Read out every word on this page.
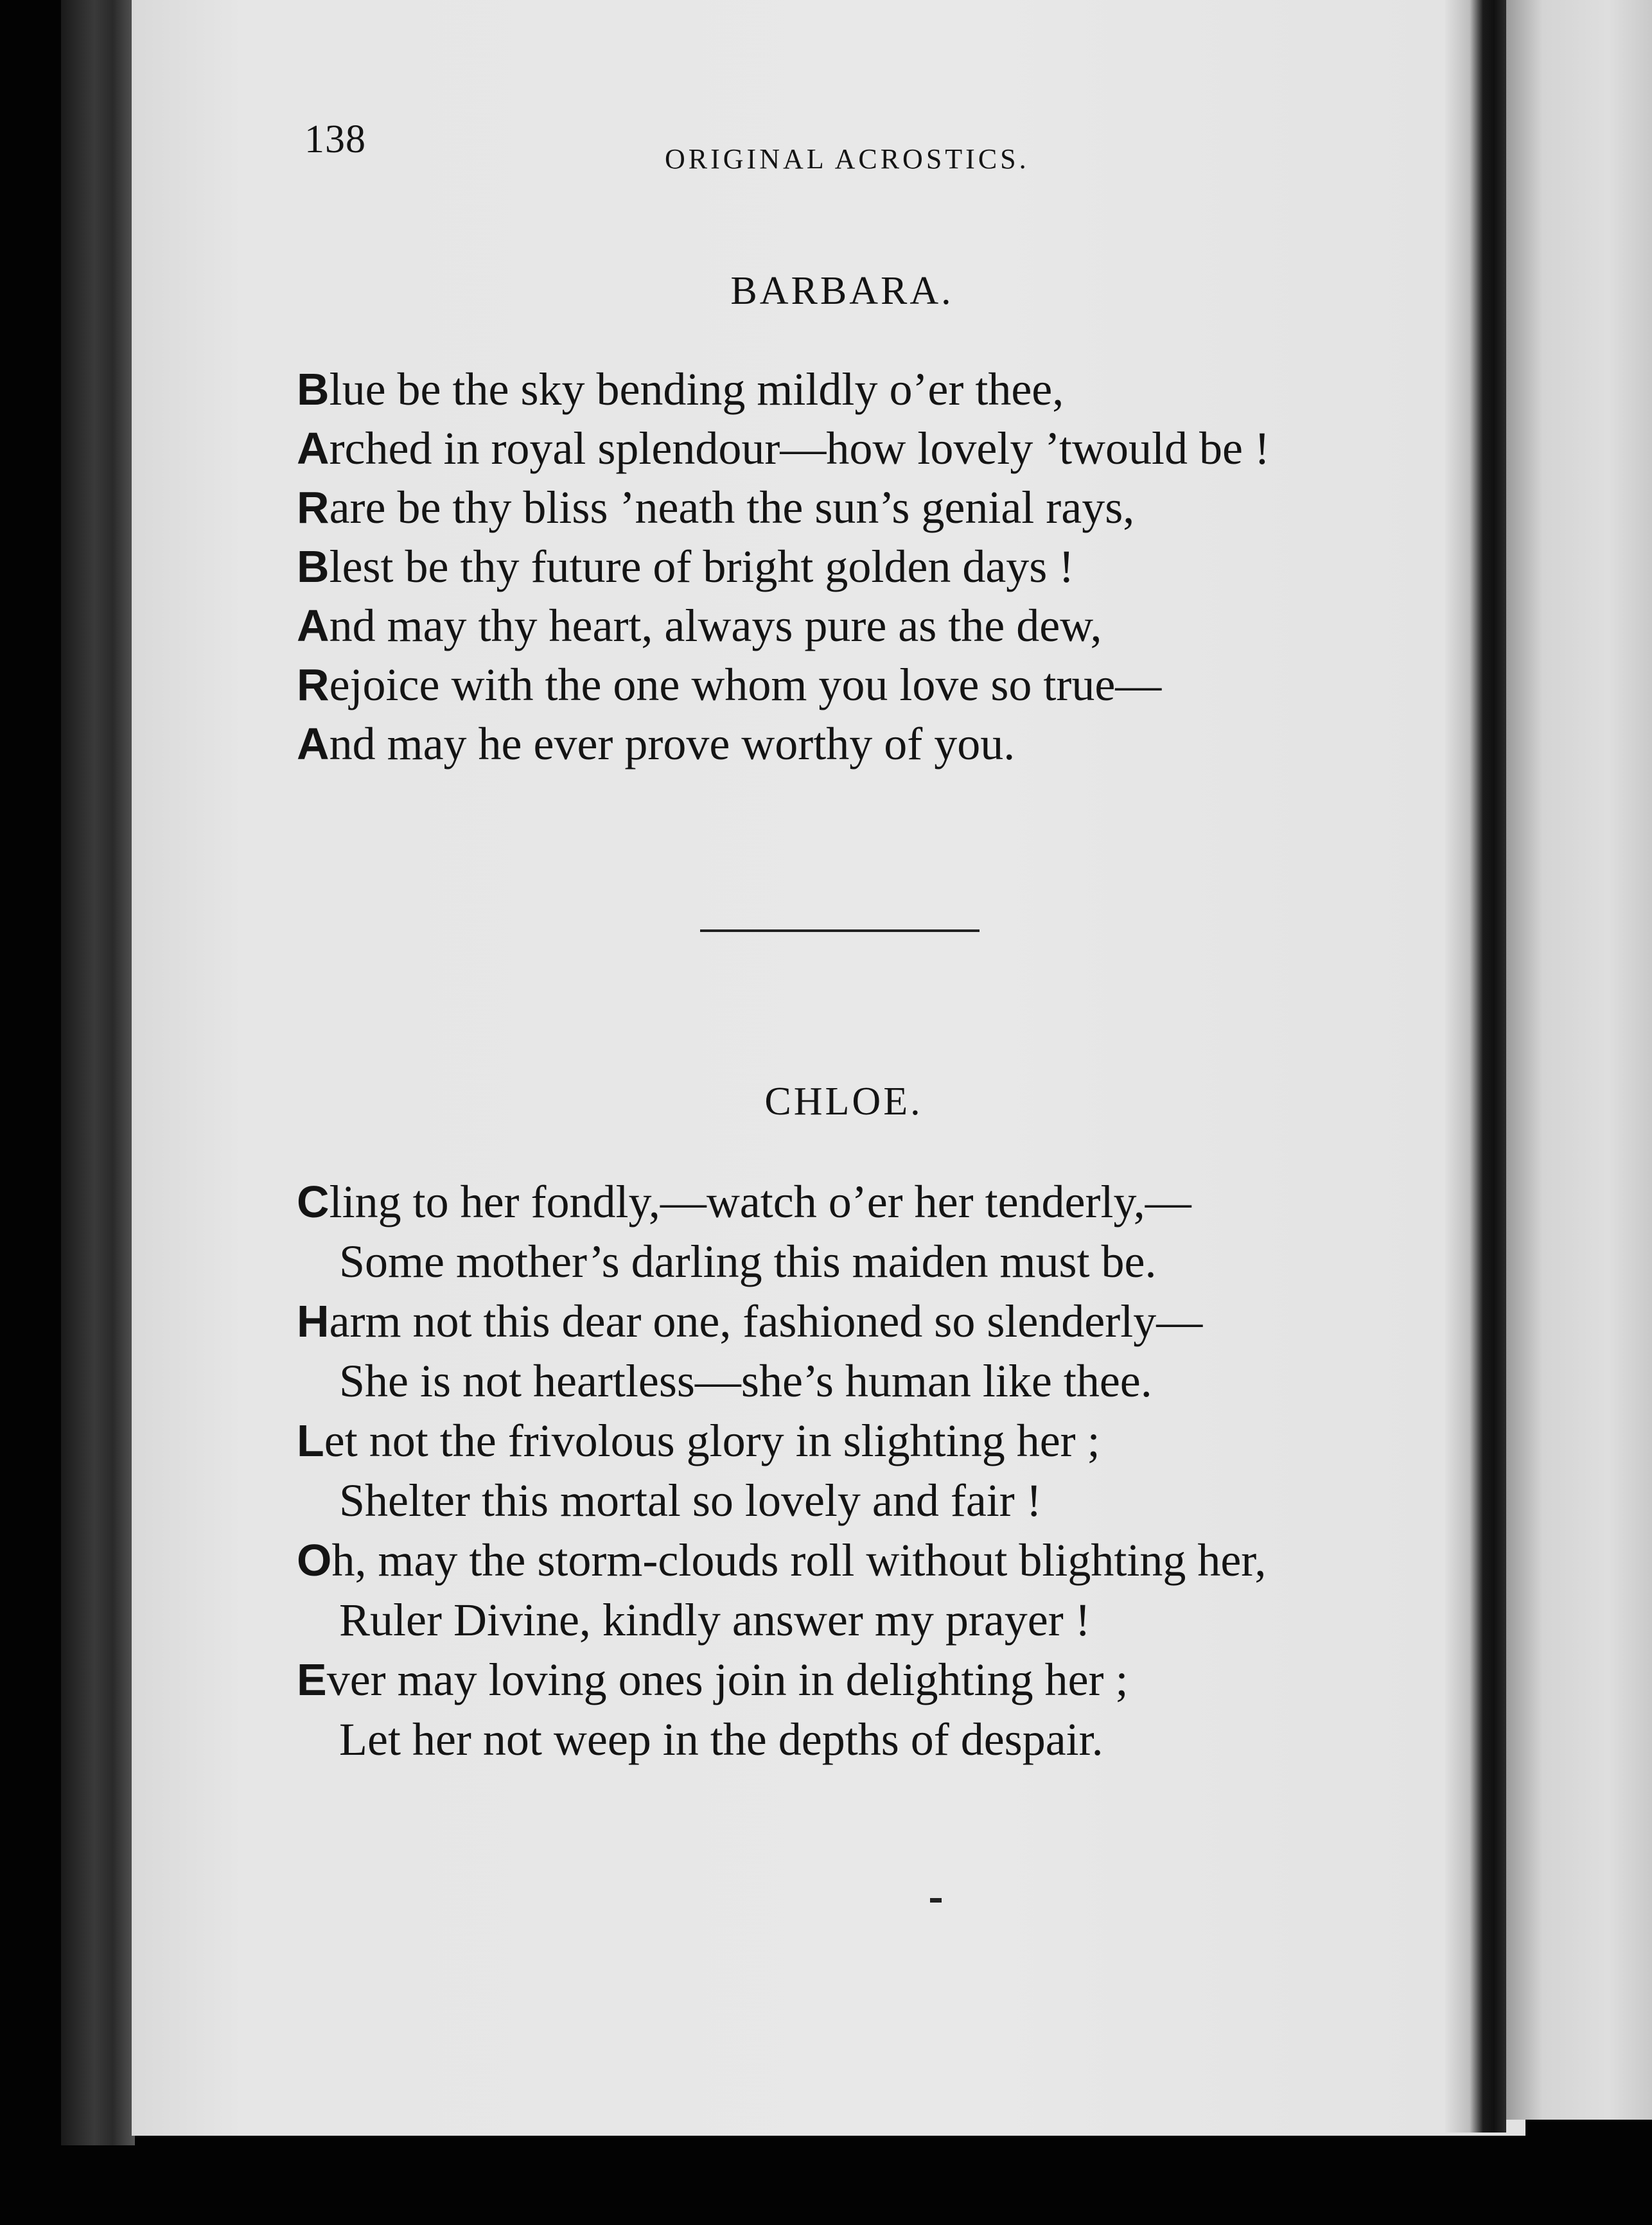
138	ORIGINAL ACROSTICS.
BARBARA.
Blue be the sky bending mildly o’er thee,
Arched in royal splendour—how lovely ’twould be !
Rare be thy bliss ’neath the sun’s genial rays,
Blest be thy future of bright golden days !
And may thy heart, always pure as the dew,
Rejoice with the one whom you love so true—
And may he ever prove worthy of you.
CHLOE.
Cling to her fondly,—watch o’er her tenderly,—
Some mother’s darling this maiden must be.
Harm not this dear one, fashioned so slenderly—
She is not heartless—she’s human like thee.
Let not the frivolous glory in slighting her ;
Shelter this mortal so lovely and fair !
Oh, may the storm-clouds roll without blighting her,
Ruler Divine, kindly answer my prayer !
Ever may loving ones join in delighting her ;
Let her not weep in the depths of despair.
